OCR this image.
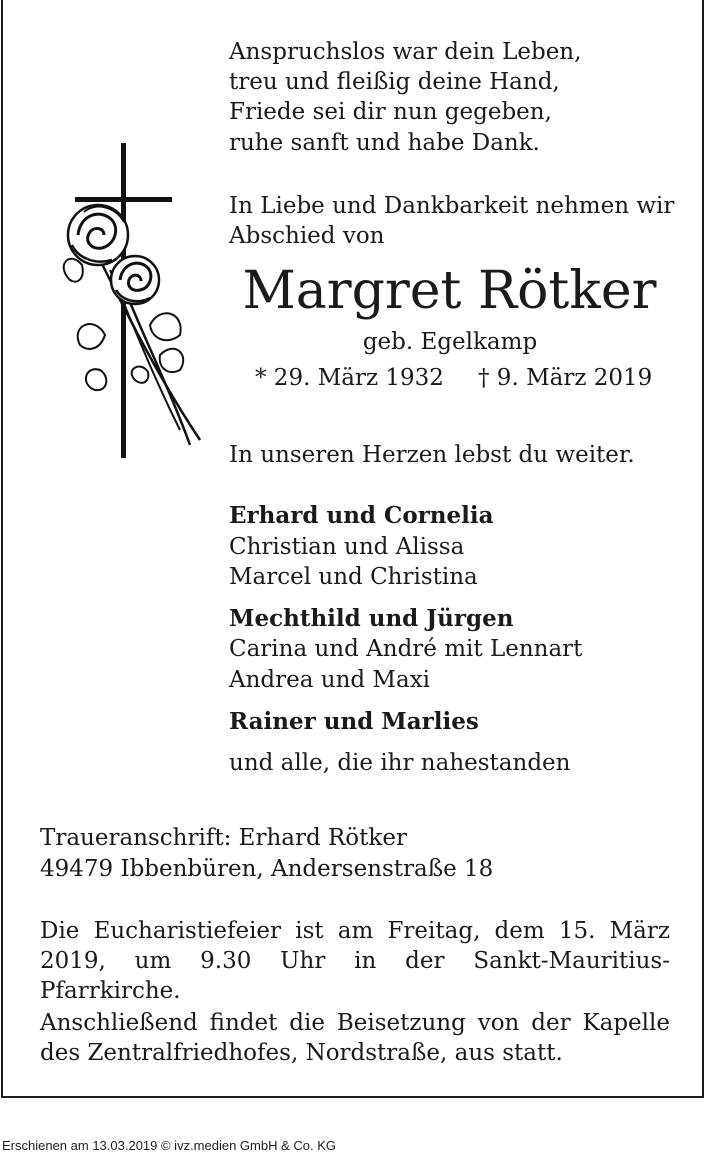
Anspruchslos war dein Leben,
treu und fleißig deine Hand,
Friede sei dir nun gegeben,
ruhe sanft und habe Dank.
In Liebe und Dankbarkeit nehmen wir
Abschied von
Margret Rötker
geb. Egelkamp
* 29. März 1932 † 9. März 2019
In unseren Herzen lebst du weiter.
Erhard und Cornelia
Christian und Alissa
Marcel und Christina
Mechthild und Jürgen
Carina und André mit Lennart
Andrea und Maxi
Rainer und Marlies
und alle, die ihr nahestanden
Traueranschrift: Erhard Rötker
49479 Ibbenbüren, Andersenstraße 18
Die Eucharistiefeier ist am Freitag, dem 15. März 2019, um 9.30 Uhr in der Sankt-Mauritius-Pfarrkirche.
Anschließend findet die Beisetzung von der Kapelle des Zentralfriedhofes, Nordstraße, aus statt.
Erschienen am 13.03.2019 © ivz.medien GmbH & Co. KG
